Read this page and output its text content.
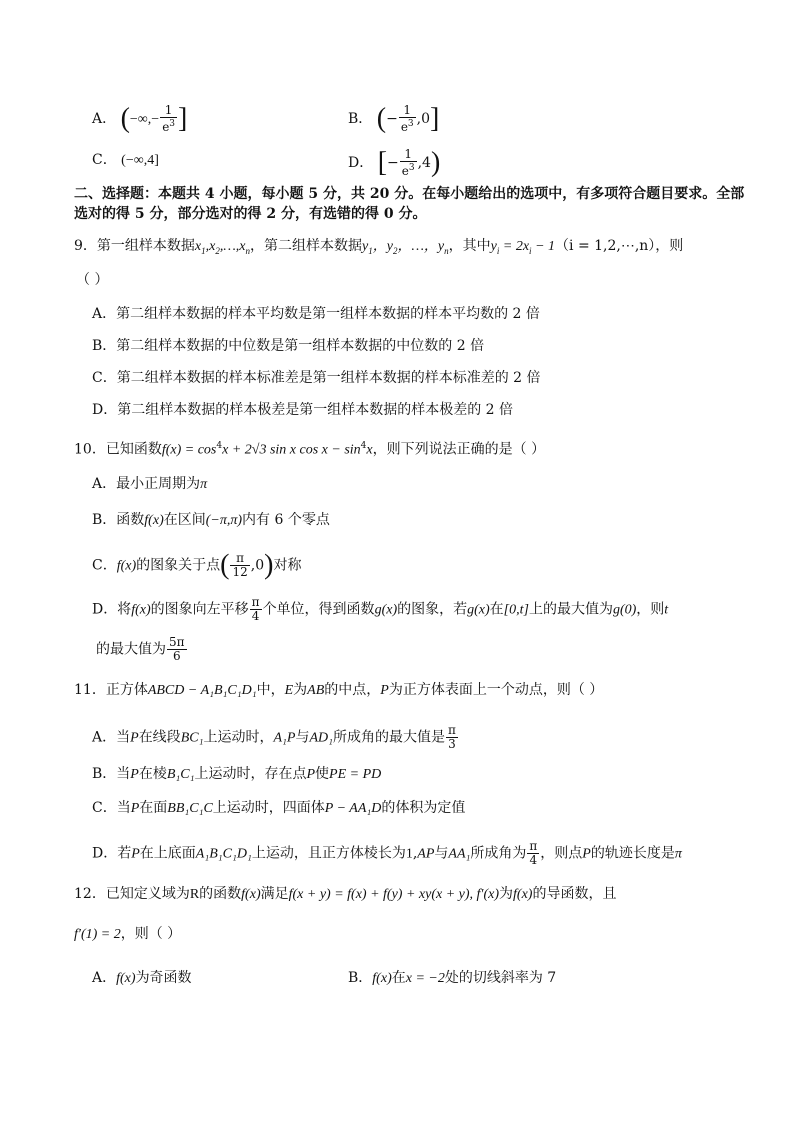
A． (−∞,− $\frac{1}{e^3}$ ]	B． (− $\frac{1}{e^3} ,0$]
C． (−∞,4]	D． [− $\frac{1}{e^3} ,4$)
二、选择题：本题共 4 小题，每小题 5 分，共 20 分。在每小题给出的选项中，有多项符合题目要求。全部
选对的得 5 分，部分选对的得 2 分，有选错的得 0 分。
9．第一组样本数据$x_1,x_2,\dots,x_n$，第二组样本数据$y_1$，$y_2$，…，$y_n$，其中$y_i = 2x_i - 1(i$ = 1,2,⋯,n），则
（ ）
A．第二组样本数据的样本平均数是第一组样本数据的样本平均数的 2 倍
B．第二组样本数据的中位数是第一组样本数据的中位数的 2 倍
C．第二组样本数据的样本标准差是第一组样本数据的样本标准差的 2 倍
D．第二组样本数据的样本极差是第一组样本数据的样本极差的 2 倍
10．已知函数$f(x) = \cos^4x + 2√3$ sin x $\cos x - \sin^4x$，则下列说法正确的是（ ）
A．最小正周期为π
B．函数f(x)在区间(−π,π)内有 6 个零点
C．f(x)的图象关于点( $\frac{\pi}{12} ,0$)对称
D．将f(x)的图象向左平移 $\frac{\pi}{4}$ 个单位，得到函数g(x)的图象，若g(x)在[0,t]上的最大值为g(0)，则t
的最大值为 $\frac{5\pi}{6}$
11．正方体ABCD − A₁B₁C₁D₁中，E为AB的中点，P为正方体表面上一个动点，则（ ）
A．当P在线段BC₁上运动时，A₁P与AD₁所成角的最大值是 $\frac{\pi}{3}$
B．当P在棱B₁C₁上运动时，存在点P使PE = PD
C．当P在面BB₁C₁C上运动时，四面体P − AA₁D的体积为定值
D．若P在上底面A₁B₁C₁D₁上运动，且正方体棱长为1,AP与AA₁所成角为 $\frac{\pi}{4}$ ，则点P的轨迹长度是π
12．已知定义域为R的函数f(x)满足f(x + y) = f(x) + f(y) + xy(x + y), f′(x)为f(x)的导函数，且
f′(1) = 2，则（ ）
A．f(x)为奇函数	B．f(x)在x = −2处的切线斜率为 7
